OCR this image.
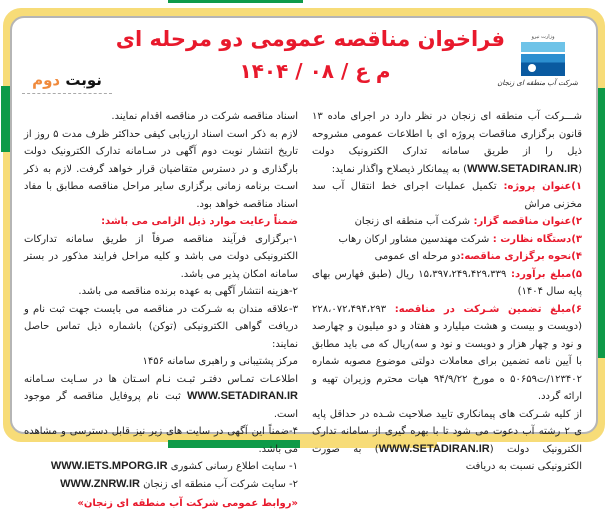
فراخوان مناقصه عمومی دو مرحله ای
م ع / ۰۸ / ۱۴۰۴
وزارت نیرو
شرکت آب منطقه ای زنجان
نوبت دوم

شـــرکت آب منطقه ای زنجان در نظر دارد در اجرای ماده ۱۳ قانون برگزاری مناقصات پروژه ای با اطلاعات عمومی مشروحه ذیل را از طریق سامانه تدارک الکترونیک دولت (WWW.SETADIRAN.IR) به پیمانکار ذیصلاح واگذار نماید:

۱)عنوان پروژه: تکمیل عملیات اجرای خط انتقال آب سد مخزنی مراش

۲)عنوان مناقصه گزار: شرکت آب منطقه ای زنجان

۳)دستگاه نظارت : شرکت مهندسین مشاور ارکان رهاب

۴)نحوه برگزاری مناقصه:دو مرحله ای عمومی

۵)مبلغ برآورد: ۱۵،۳۹۷،۲۴۹،۴۲۹،۳۳۹ ریال (طبق فهارس بهای پایه سال ۱۴۰۴)

۶)مبلغ تضمین شـرکت در مناقصه: ۲۲۸،۰۷۲،۴۹۴،۲۹۳ (دویست و بیست و هشت میلیارد و هفتاد و دو میلیون و چهارصد و نود و چهار هزار و دویست و نود و سه)ریال که می باید مطابق با آیین نامه تضمین برای معاملات دولتی موضوع مصوبه شماره ۱۲۳۴۰۲/ت۵۰۶۵۹ ه مورخ ۹۴/۹/۲۲ هیات محترم وزیران تهیه و ارائه گردد.

از کلیه شـرکت های پیمانکاری تایید صلاحیت شـده در حداقل پایه ی ۲ رشته آب دعوت می شود تا با بهره گیری از سامانه تدارک الکترونیک دولت (WWW.SETADIRAN.IR) به صورت الکترونیکی نسبت به دریافت

اسناد مناقصه شرکت در مناقصه اقدام نمایند.

لازم به ذکر است اسناد ارزیابی کیفی حداکثر ظرف مدت ۵ روز از تاریخ انتشار نوبت دوم آگهی در سـامانه تدارک الکترونیک دولت بارگذاری و در دسترس متقاضیان قرار خواهد گرفت. لازم به ذکر اسـت برنامه زمانی برگزاری سایر مراحل مناقصه مطابق با مفاد اسناد مناقصه خواهد بود.

ضمناً رعایت موارد ذیل الزامی می باشد:

۱-برگزاری فرآیند مناقصه صرفاً از طریق سامانه تدارکات الکترونیکی دولت می باشد و کلیه مراحل فرایند مذکور در بستر سامانه امکان پذیر می باشد.

۲-هزینه انتشار آگهی به عهده برنده مناقصه می باشد.

۳-علاقه مندان به شـرکت در مناقصه می بایست جهت ثبت نام و دریافت گواهی الکترونیکی (توکن) باشماره ذیل تماس حاصل نمایند:

مرکز پشتیبانی و راهبری سامانه ۱۴۵۶

اطلاعـات تمـاس دفتـر ثبـت نـام اسـتان ها در سـایت سـامانه WWW.SETADIRAN.IR ثبت نام پروفایل مناقصه گر موجود است.

۴-ضمناً این آگهی در سایت های زیر نیز قابل دسترسی و مشاهده می باشد.

۱- سایت اطلاع رسانی کشوری WWW.IETS.MPORG.IR

۲- سایت شرکت آب منطقه ای زنجان WWW.ZNRW.IR

«روابط عمومی شرکت آب منطقه ای زنجان»
